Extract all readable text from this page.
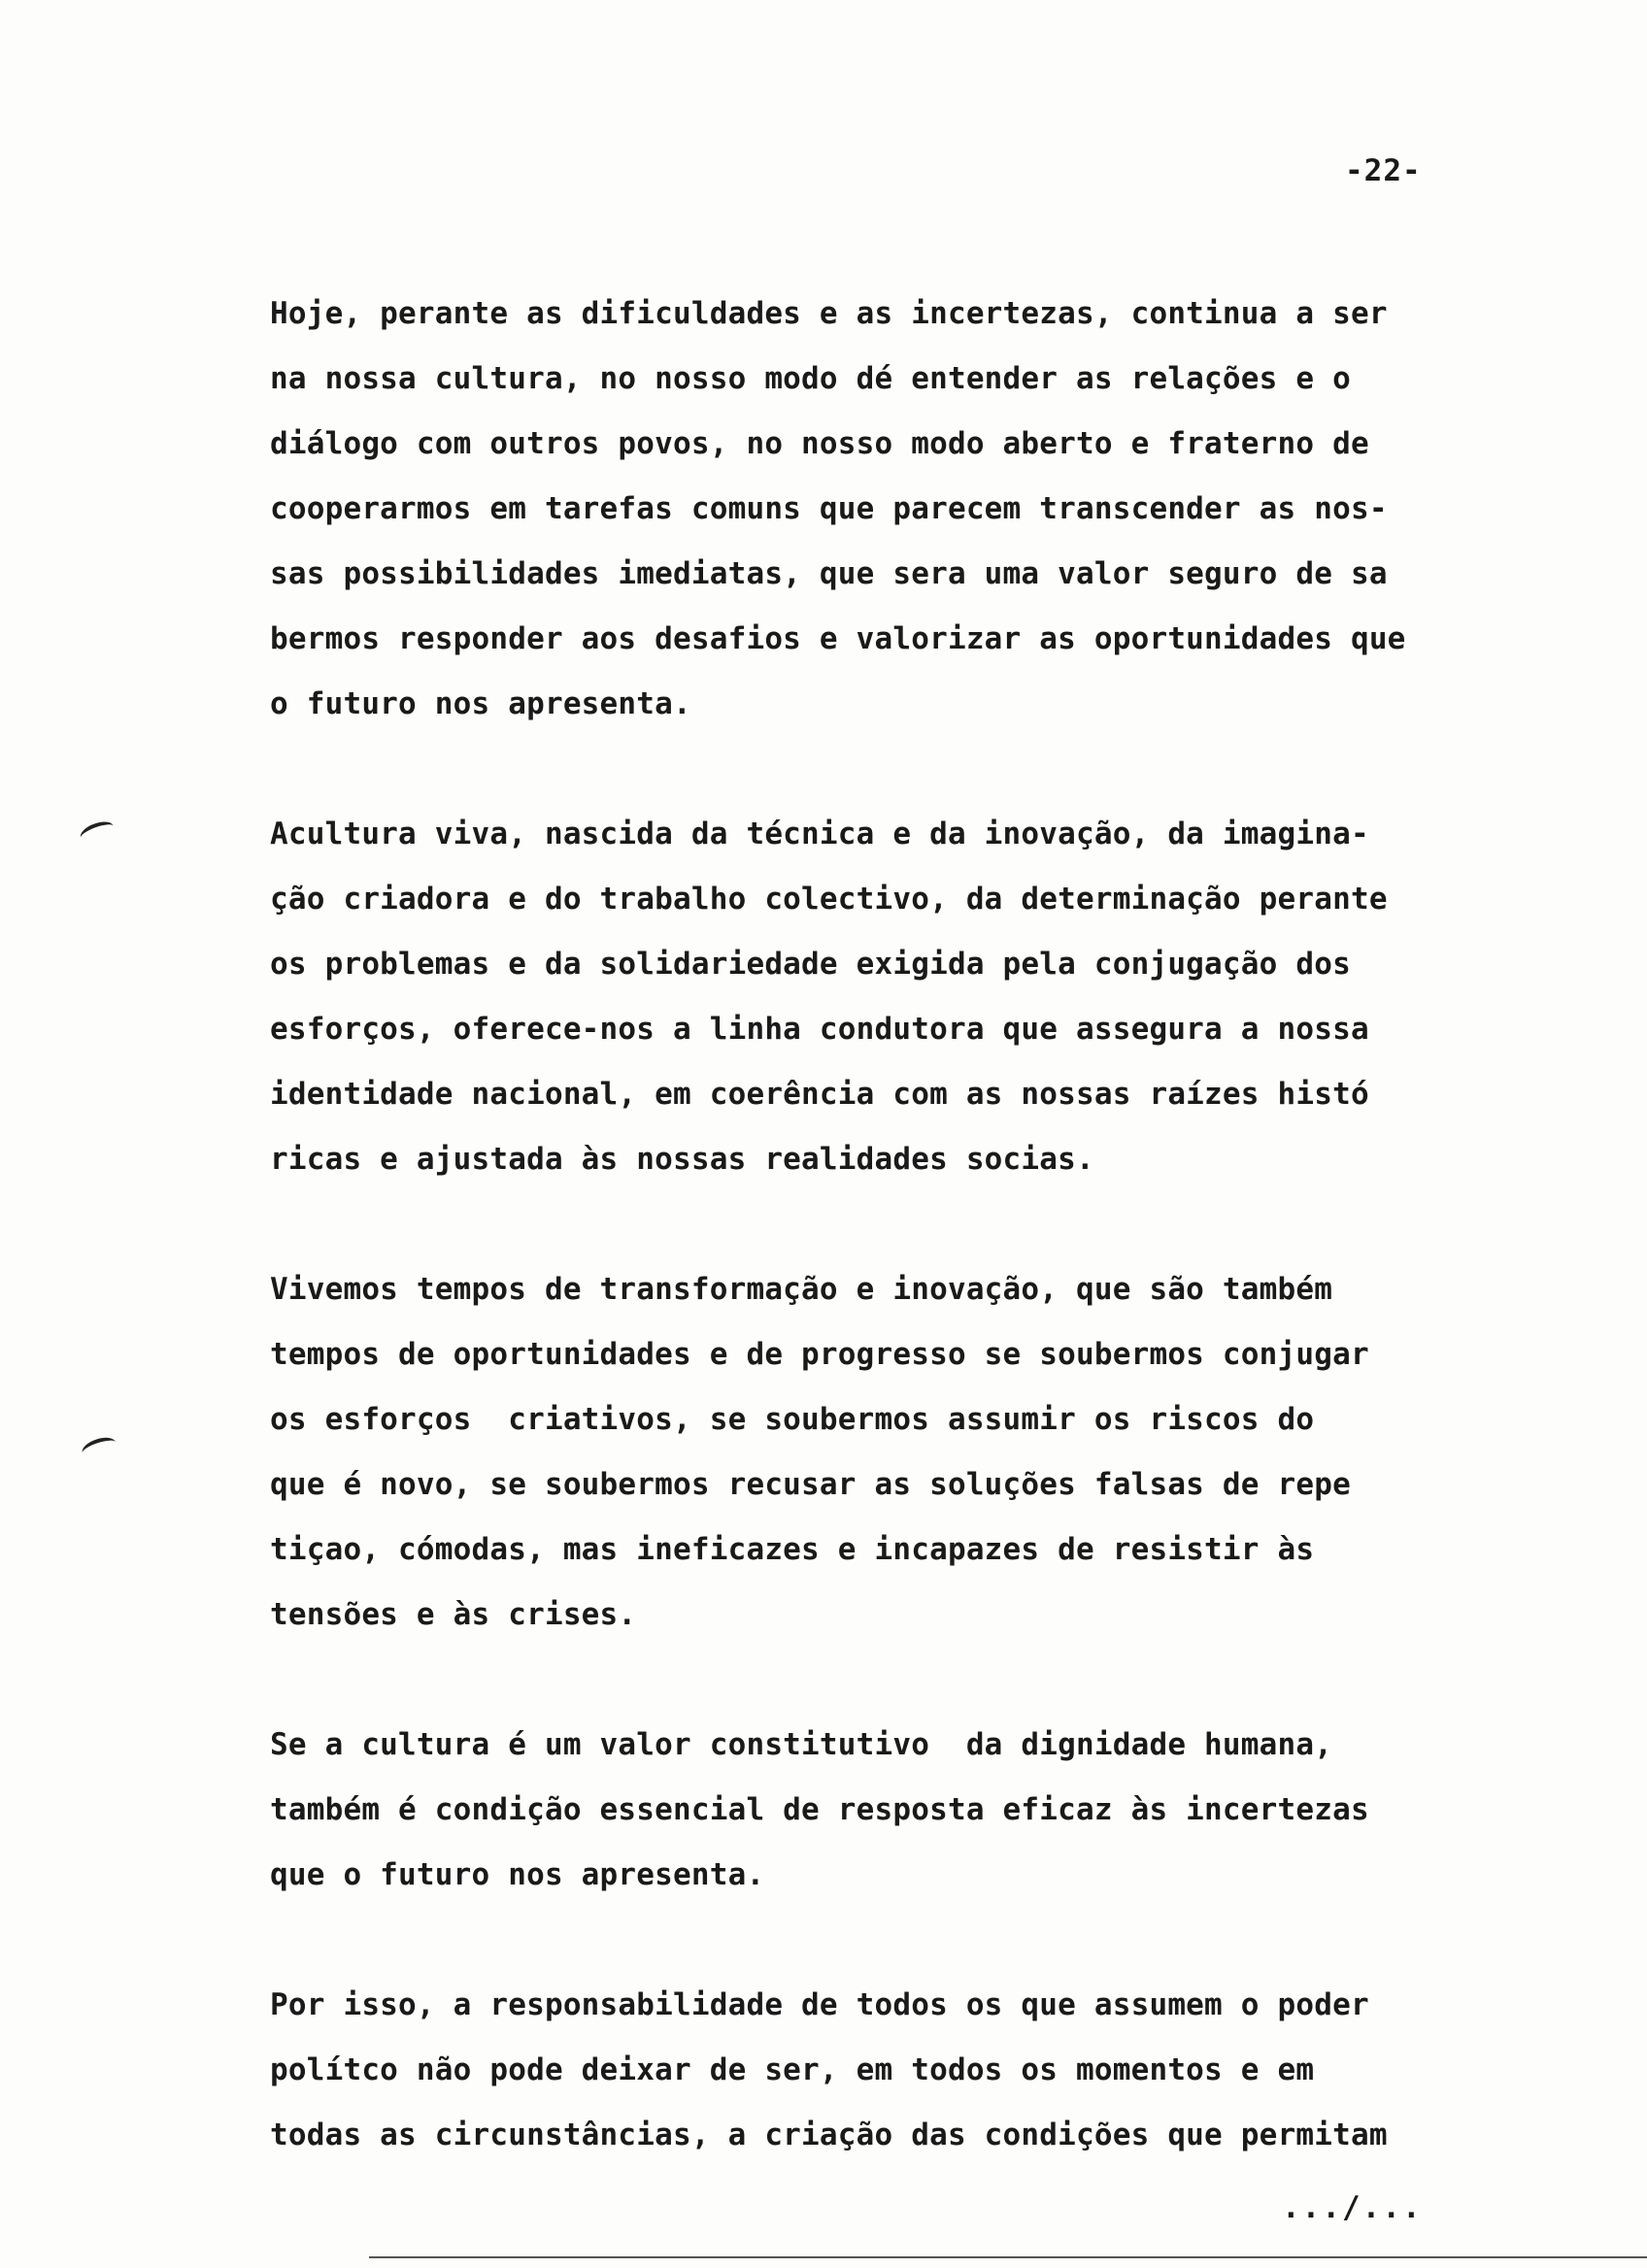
-22-

Hoje, perante as dificuldades e as incertezas, continua a ser
na nossa cultura, no nosso modo dé entender as relações e o
diálogo com outros povos, no nosso modo aberto e fraterno de
cooperarmos em tarefas comuns que parecem transcender as nos-
sas possibilidades imediatas, que sera uma valor seguro de sa
bermos responder aos desafios e valorizar as oportunidades que
o futuro nos apresenta.

Acultura viva, nascida da técnica e da inovação, da imagina-
ção criadora e do trabalho colectivo, da determinação perante
os problemas e da solidariedade exigida pela conjugação dos
esforços, oferece-nos a linha condutora que assegura a nossa
identidade nacional, em coerência com as nossas raízes histó
ricas e ajustada às nossas realidades socias.

Vivemos tempos de transformação e inovação, que são também
tempos de oportunidades e de progresso se soubermos conjugar
os esforços  criativos, se soubermos assumir os riscos do
que é novo, se soubermos recusar as soluções falsas de repe
tiçao, cómodas, mas ineficazes e incapazes de resistir às
tensões e às crises.

Se a cultura é um valor constitutivo  da dignidade humana,
também é condição essencial de resposta eficaz às incertezas
que o futuro nos apresenta.

Por isso, a responsabilidade de todos os que assumem o poder
polítco não pode deixar de ser, em todos os momentos e em
todas as circunstâncias, a criação das condições que permitam

.../...
